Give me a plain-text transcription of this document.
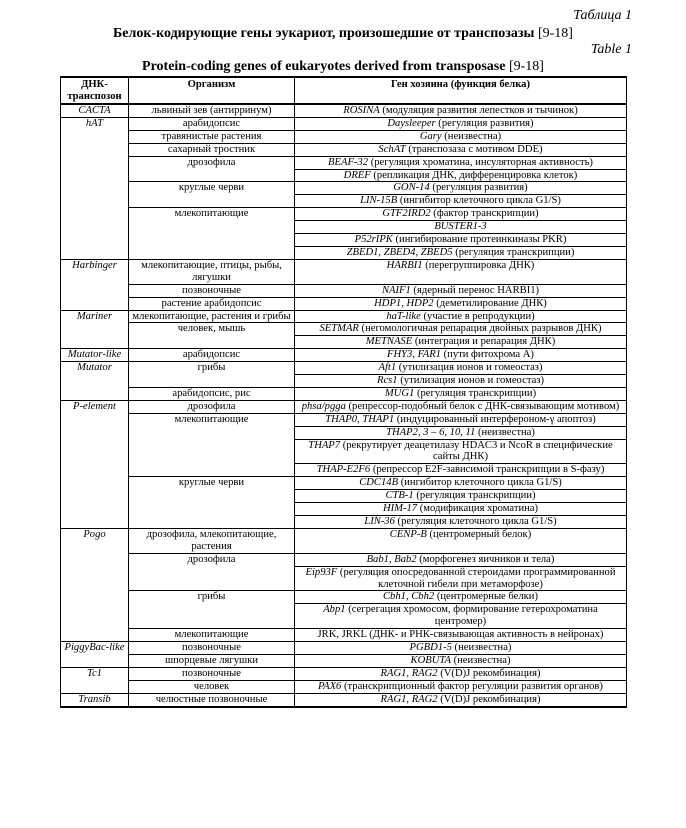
Таблица 1
Белок-кодирующие гены эукариот, произошедшие от транспозазы [9-18]
Table 1
Protein-coding genes of eukaryotes derived from transposase [9-18]
ДНК-транспозон	Организм	Ген хозяина (функция белка)
CACTA	львиный зев (антирринум)	ROSINA (модуляция развития лепестков и тычинок)
hAT	арабидопсис	Daysleeper (регуляция развития)
	травянистые растения	Gary (неизвестна)
	сахарный тростник	SchAT (транспозаза с мотивом DDE)
	дрозофила	BEAF-32 (регуляция хроматина, инсуляторная активность)
		DREF (репликация ДНК, дифференцировка клеток)
	круглые черви	GON-14 (регуляция развития)
		LIN-15B (ингибитор клеточного цикла G1/S)
	млекопитающие	GTF2IRD2 (фактор транскрипции)
		BUSTER1-3
		P52rIPK (ингибирование протеинкиназы PKR)
		ZBED1, ZBED4, ZBED5 (регуляция транскрипции)
Harbinger	млекопитающие, птицы, рыбы, лягушки	HARBI1 (перегруппировка ДНК)
	позвоночные	NAIF1 (ядерный перенос HARBI1)
	растение арабидопсис	HDP1, HDP2 (деметилирование ДНК)
Mariner	млекопитающие, растения и грибы	haT-like (участие в репродукции)
	человек, мышь	SETMAR (негомологичная репарация двойных разрывов ДНК)
		METNASE (интеграция и репарация ДНК)
Mutator-like	арабидопсис	FHY3, FAR1 (пути фитохрома А)
Mutator	грибы	Aft1 (утилизация ионов и гомеостаз)
		Rcs1 (утилизация ионов и гомеостаз)
	арабидопсис, рис	MUG1 (регуляция транскрипции)
P-element	дрозофила	phsa/pgga (репрессор-подобный белок с ДНК-связывающим мотивом)
	млекопитающие	THAP0, THAP1 (индуцированный интерфероном-γ апоптоз)
		THAP2, 3 – 6, 10, 11 (неизвестна)
		THAP7 (рекрутирует деацетилазу HDAC3 и NcoR в специфические сайты ДНК)
		THAP-E2F6 (репрессор E2F-зависимой транскрипции в S-фазу)
	круглые черви	CDC14B (ингибитор клеточного цикла G1/S)
		CTB-1 (регуляция транскрипции)
		HIM-17 (модификация хроматина)
		LIN-36 (регуляция клеточного цикла G1/S)
Pogo	дрозофила, млекопитающие, растения	CENP-B (центромерный белок)
	дрозофила	Bab1, Bab2 (морфогенез яичников и тела)
		Eip93F (регуляция опосредованной стероидами программированной клеточной гибели при метаморфозе)
	грибы	Cbh1, Cbh2 (центромерные белки)
		Abp1 (сегрегация хромосом, формирование гетерохроматина центромер)
	млекопитающие	JRK, JRKL (ДНК- и РНК-связывающая активность в нейронах)
PiggyBac-like	позвоночные	PGBD1-5 (неизвестна)
	шпорцевые лягушки	KOBUTA (неизвестна)
Tc1	позвоночные	RAG1, RAG2 (V(D)J рекомбинация)
	человек	PAX6 (транскрипционный фактор регуляции развития органов)
Transib	челюстные позвоночные	RAG1, RAG2 (V(D)J рекомбинация)
